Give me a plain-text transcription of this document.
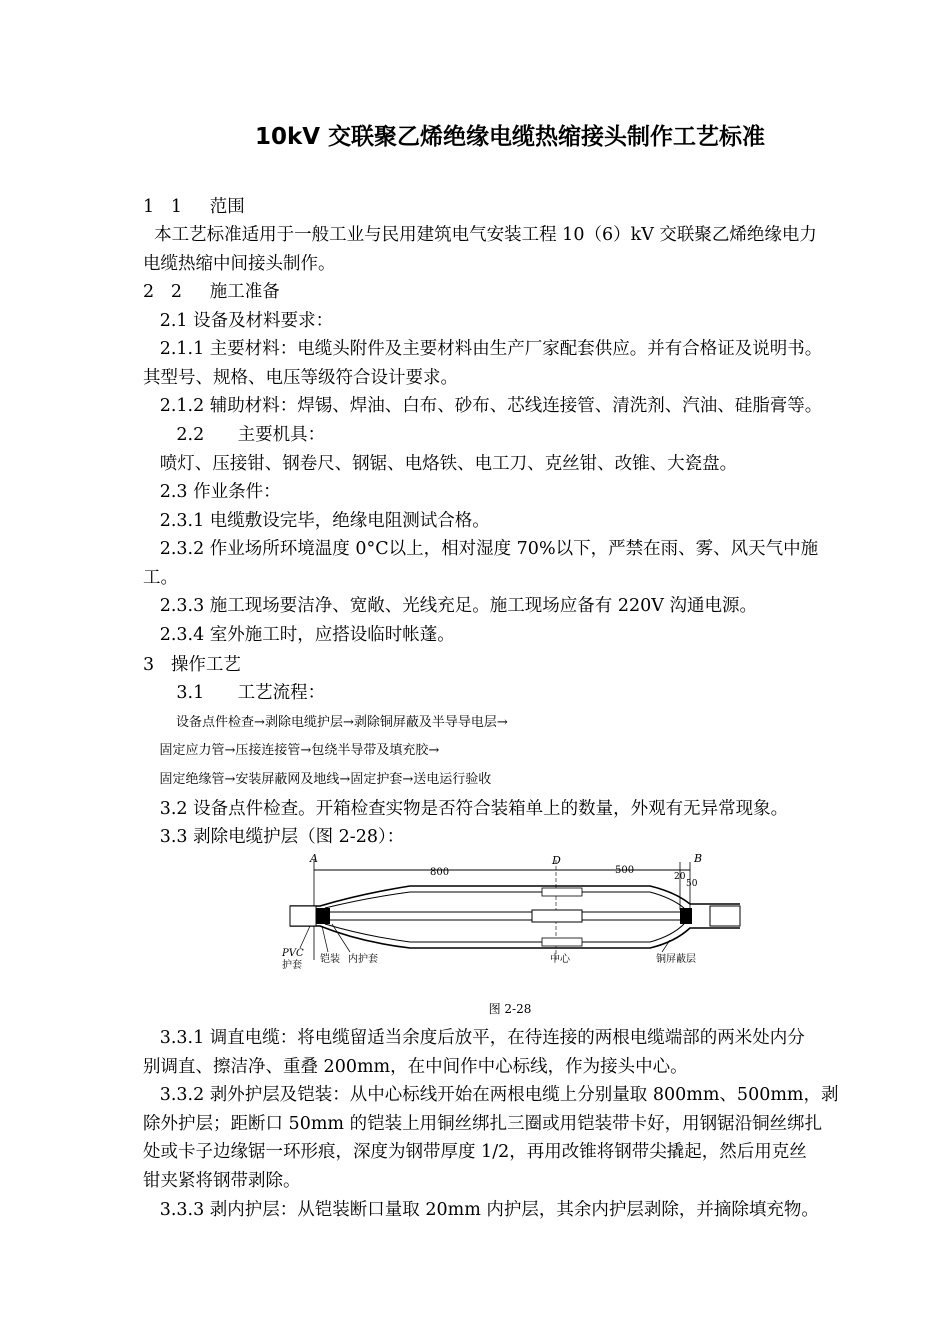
10kV 交联聚乙烯绝缘电缆热缩接头制作工艺标准
1   1     范围
本工艺标准适用于一般工业与民用建筑电气安装工程 10（6）kV 交联聚乙烯绝缘电力
电缆热缩中间接头制作。
2   2     施工准备
2.1 设备及材料要求：
2.1.1 主要材料：电缆头附件及主要材料由生产厂家配套供应。并有合格证及说明书。
其型号、规格、电压等级符合设计要求。
2.1.2 辅助材料：焊锡、焊油、白布、砂布、芯线连接管、清洗剂、汽油、硅脂膏等。
2.2      主要机具：
喷灯、压接钳、钢卷尺、钢锯、电烙铁、电工刀、克丝钳、改锥、大瓷盘。
2.3 作业条件：
2.3.1 电缆敷设完毕，绝缘电阻测试合格。
2.3.2 作业场所环境温度 0°C以上，相对湿度 70%以下，严禁在雨、雾、风天气中施
工。
2.3.3 施工现场要洁净、宽敞、光线充足。施工现场应备有 220V 沟通电源。
2.3.4 室外施工时，应搭设临时帐蓬。
3   操作工艺
3.1      工艺流程：
设备点件检查→剥除电缆护层→剥除铜屏蔽及半导导电层→
固定应力管→压接连接管→包绕半导带及填充胶→
固定绝缘管→安装屏蔽网及地线→固定护套→送电运行验收
3.2 设备点件检查。开箱检查实物是否符合装箱单上的数量，外观有无异常现象。
3.3 剥除电缆护层（图 2-28）：
A	D	B
800	500
20
50
PVC
护套
铠装 内护套	中心	铜屏蔽层
图 2-28
3.3.1 调直电缆：将电缆留适当余度后放平，在待连接的两根电缆端部的两米处内分
别调直、擦洁净、重叠 200mm，在中间作中心标线，作为接头中心。
3.3.2 剥外护层及铠装：从中心标线开始在两根电缆上分别量取 800mm、500mm，剥
除外护层；距断口 50mm 的铠装上用铜丝绑扎三圈或用铠装带卡好，用钢锯沿铜丝绑扎
处或卡子边缘锯一环形痕，深度为钢带厚度 1/2，再用改锥将钢带尖撬起，然后用克丝
钳夹紧将钢带剥除。
3.3.3 剥内护层：从铠装断口量取 20mm 内护层，其余内护层剥除，并摘除填充物。
